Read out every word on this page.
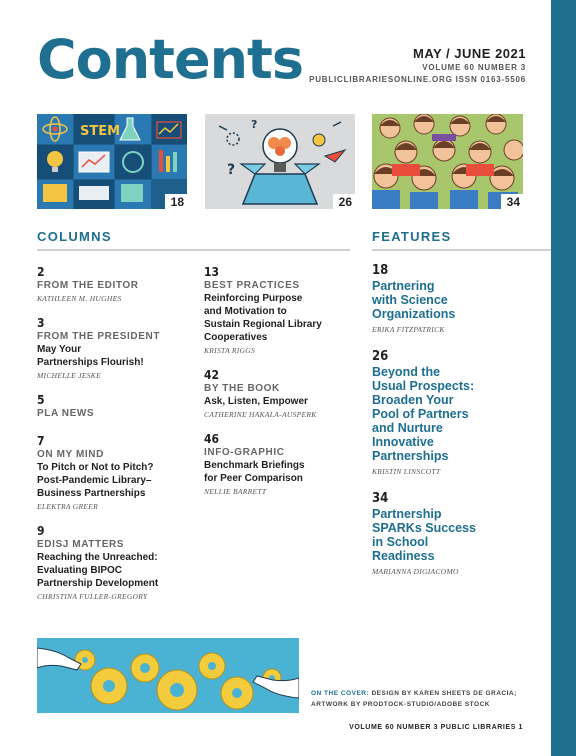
Contents	MAY / JUNE 2021
VOLUME 60 NUMBER 3
PUBLICLIBRARIESONLINE.ORG ISSN 0163-5506
STEM
18
?
?
26	34
COLUMNS	FEATURES
2
FROM THE EDITOR
KATHLEEN M. HUGHES
3
FROM THE PRESIDENT
May Your
Partnerships Flourish!
MICHELLE JESKE
5
PLA NEWS
7
ON MY MIND
To Pitch or Not to Pitch?
Post-Pandemic Library–
Business Partnerships
ELEKTRA GREER
9
EDISJ MATTERS
Reaching the Unreached:
Evaluating BIPOC
Partnership Development
CHRISTINA FULLER-GREGORY
13
BEST PRACTICES
Reinforcing Purpose
and Motivation to
Sustain Regional Library
Cooperatives
KRISTA RIGGS
42
BY THE BOOK
Ask, Listen, Empower
CATHERINE HAKALA-AUSPERK
46
INFO-GRAPHIC
Benchmark Briefings
for Peer Comparison
NELLIE BARRETT
18
Partnering
with Science
Organizations
ERIKA FITZPATRICK
26
Beyond the
Usual Prospects:
Broaden Your
Pool of Partners
and Nurture
Innovative
Partnerships
KRISTIN LINSCOTT
34
Partnership
SPARKs Success
in School
Readiness
MARIANNA DIGIACOMO
ON THE COVER: DESIGN BY KAREN SHEETS DE GRACIA;
ARTWORK BY PRODTOCK-STUDIO/ADOBE STOCK
VOLUME 60 NUMBER 3 PUBLIC LIBRARIES 1
